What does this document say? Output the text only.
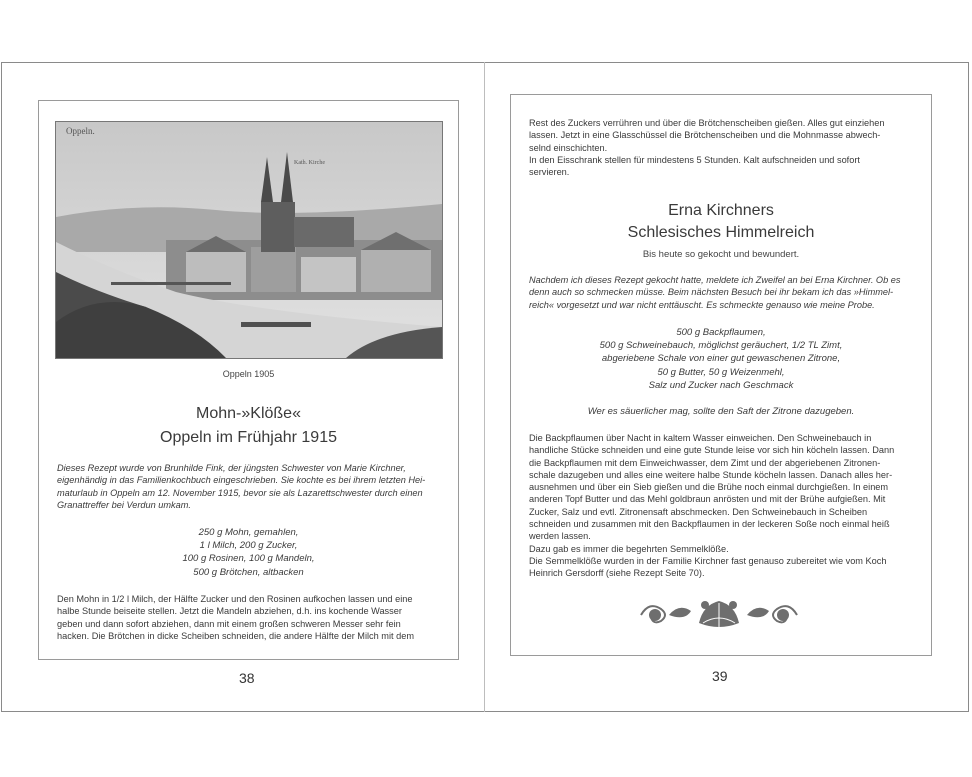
Oppeln.
Kath. Kirche
Oppeln 1905
Mohn-»Klöße«
Oppeln im Frühjahr 1915

Dieses Rezept wurde von Brunhilde Fink, der jüngsten Schwester von Marie Kirchner,

eigenhändig in das Familienkochbuch eingeschrieben. Sie kochte es bei ihrem letzten Hei-

maturlaub in Oppeln am 12. November 1915, bevor sie als Lazarettschwester durch einen

Granattreffer bei Verdun umkam.

250 g Mohn, gemahlen,
1 l Milch, 200 g Zucker,
100 g Rosinen, 100 g Mandeln,
500 g Brötchen, altbacken

Den Mohn in 1/2 l Milch, der Hälfte Zucker und den Rosinen aufkochen lassen und eine

halbe Stunde beiseite stellen. Jetzt die Mandeln abziehen, d.h. ins kochende Wasser

geben und dann sofort abziehen, dann mit einem großen schweren Messer sehr fein

hacken. Die Brötchen in dicke Scheiben schneiden, die andere Hälfte der Milch mit dem

38

Rest des Zuckers verrühren und über die Brötchenscheiben gießen. Alles gut einziehen

lassen. Jetzt in eine Glasschüssel die Brötchenscheiben und die Mohnmasse abwech-

selnd einschichten.

In den Eisschrank stellen für mindestens 5 Stunden. Kalt aufschneiden und sofort

servieren.

Erna Kirchners
Schlesisches Himmelreich
Bis heute so gekocht und bewundert.

Nachdem ich dieses Rezept gekocht hatte, meldete ich Zweifel an bei Erna Kirchner. Ob es

denn auch so schmecken müsse. Beim nächsten Besuch bei ihr bekam ich das »Himmel-

reich« vorgesetzt und war nicht enttäuscht. Es schmeckte genauso wie meine Probe.

500 g Backpflaumen,
500 g Schweinebauch, möglichst geräuchert, 1/2 TL Zimt,
abgeriebene Schale von einer gut gewaschenen Zitrone,
50 g Butter, 50 g Weizenmehl,
Salz und Zucker nach Geschmack
Wer es säuerlicher mag, sollte den Saft der Zitrone dazugeben.

Die Backpflaumen über Nacht in kaltem Wasser einweichen. Den Schweinebauch in

handliche Stücke schneiden und eine gute Stunde leise vor sich hin köcheln lassen. Dann

die Backpflaumen mit dem Einweichwasser, dem Zimt und der abgeriebenen Zitronen-

schale dazugeben und alles eine weitere halbe Stunde köcheln lassen. Danach alles her-

ausnehmen und über ein Sieb gießen und die Brühe noch einmal durchgießen. In einem

anderen Topf Butter und das Mehl goldbraun anrösten und mit der Brühe aufgießen. Mit

Zucker, Salz und evtl. Zitronensaft abschmecken. Den Schweinebauch in Scheiben

schneiden und zusammen mit den Backpflaumen in der leckeren Soße noch einmal heiß

werden lassen.

Dazu gab es immer die begehrten Semmelklöße.

Die Semmelklöße wurden in der Familie Kirchner fast genauso zubereitet wie vom Koch

Heinrich Gersdorff (siehe Rezept Seite 70).

39
